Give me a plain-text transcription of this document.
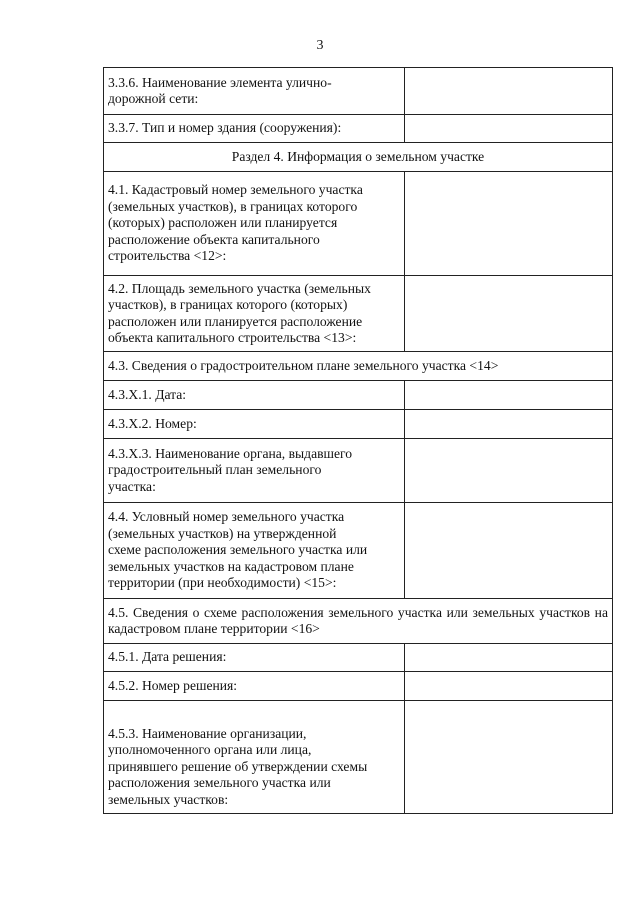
3
3.3.6. Наименование элемента улично-
дорожной сети:	
3.3.7. Тип и номер здания (сооружения):	
Раздел 4. Информация о земельном участке	
4.1. Кадастровый номер земельного участка
(земельных участков), в границах которого
(которых) расположен или планируется
расположение объекта капитального
строительства <12>:	
4.2. Площадь земельного участка (земельных
участков), в границах которого (которых)
расположен или планируется расположение
объекта капитального строительства <13>:	
4.3. Сведения о градостроительном плане земельного участка <14>	
4.3.Х.1. Дата:	
4.3.Х.2. Номер:	
4.3.Х.3. Наименование органа, выдавшего
градостроительный план земельного
участка:	
4.4. Условный номер земельного участка
(земельных участков) на утвержденной
схеме расположения земельного участка или
земельных участков на кадастровом плане
территории (при необходимости) <15>:	
4.5. Сведения о схеме расположения земельного участка или земельных участков на кадастровом плане территории <16>	
4.5.1. Дата решения:	
4.5.2. Номер решения:	
4.5.3. Наименование организации,
уполномоченного органа или лица,
принявшего решение об утверждении схемы
расположения земельного участка или
земельных участков:	
